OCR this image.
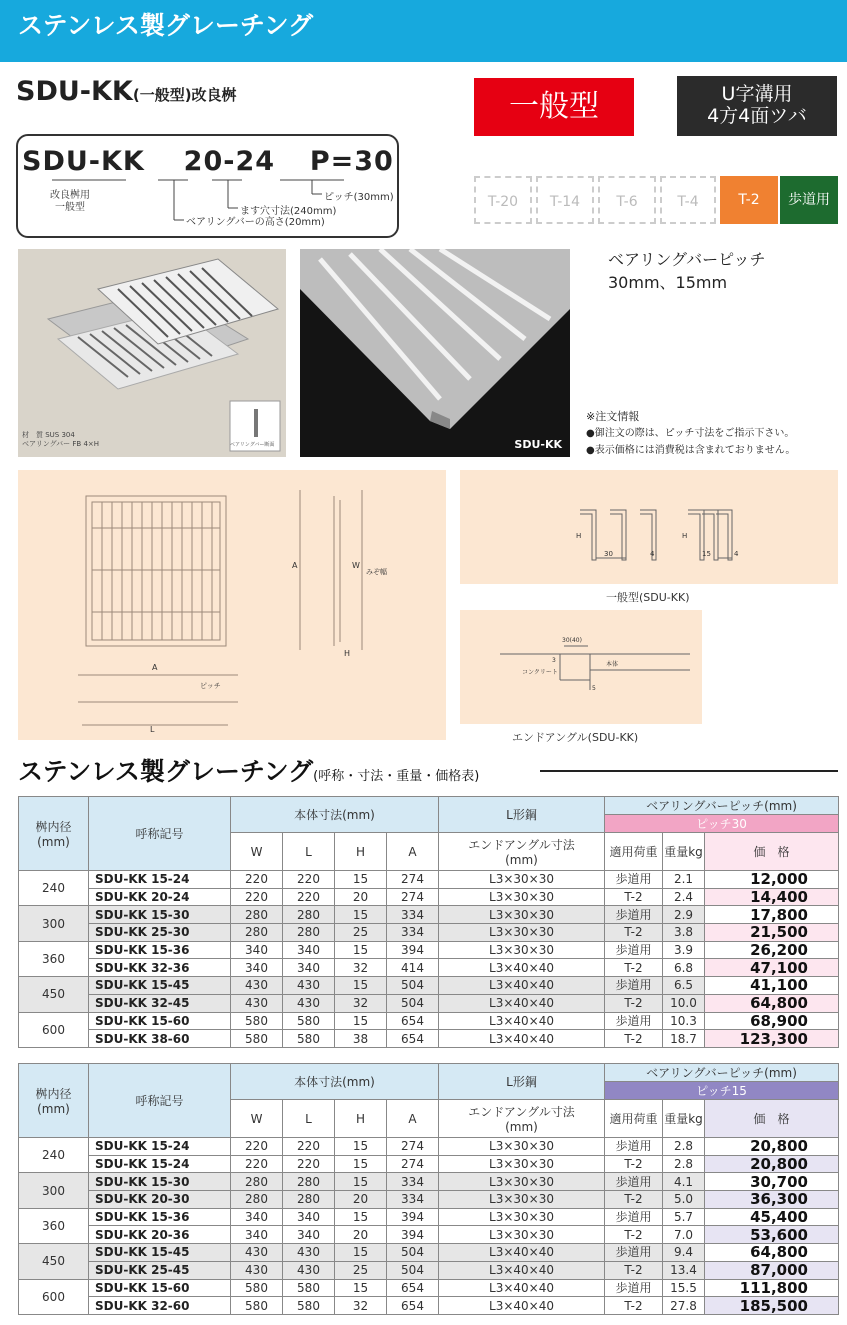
ステンレス製グレーチング
SDU-KK(一般型)改良桝	一般型	U字溝用
4方4面ツバ
SDU-KK 20-24 P=30
改良桝用
一般型
ピッチ(30mm)
ます穴寸法(240mm)
ベアリングバーの高さ(20mm)
T-20	T-14	T-6	T-4	T-2	歩道用
材　質 SUS 304
ベアリングバー FB 4×H	ベアリングバー断面	SDU-KK
ベアリングバーピッチ
30mm、15mm
※注文情報
●御注文の際は、ピッチ寸法をご指示下さい。
●表示価格には消費税は含まれておりません。
A	W
みぞ幅
H
A
ピッチ
L
30	4	15	4
H	H
一般型(SDU-KK)
30(40)
3
5
本体
コンクリート
エンドアングル(SDU-KK)
ステンレス製グレーチング(呼称・寸法・重量・価格表)
桝内径
(mm)	呼称記号	本体寸法(mm)				L形鋼	ベアリングバーピッチ(mm)		
							ピッチ30		
		W	L	H	A	エンドアングル寸法
(mm)	適用荷重	重量kg	価　格
240	SDU-KK 15-24	220	220	15	274	L3×30×30	歩道用	2.1	12,000
	SDU-KK 20-24	220	220	20	274	L3×30×30	T-2	2.4	14,400
300	SDU-KK 15-30	280	280	15	334	L3×30×30	歩道用	2.9	17,800
	SDU-KK 25-30	280	280	25	334	L3×30×30	T-2	3.8	21,500
360	SDU-KK 15-36	340	340	15	394	L3×30×30	歩道用	3.9	26,200
	SDU-KK 32-36	340	340	32	414	L3×40×40	T-2	6.8	47,100
450	SDU-KK 15-45	430	430	15	504	L3×40×40	歩道用	6.5	41,100
	SDU-KK 32-45	430	430	32	504	L3×40×40	T-2	10.0	64,800
600	SDU-KK 15-60	580	580	15	654	L3×40×40	歩道用	10.3	68,900
	SDU-KK 38-60	580	580	38	654	L3×40×40	T-2	18.7	123,300
桝内径
(mm)	呼称記号	本体寸法(mm)				L形鋼	ベアリングバーピッチ(mm)		
							ピッチ15		
		W	L	H	A	エンドアングル寸法
(mm)	適用荷重	重量kg	価　格
240	SDU-KK 15-24	220	220	15	274	L3×30×30	歩道用	2.8	20,800
	SDU-KK 15-24	220	220	15	274	L3×30×30	T-2	2.8	20,800
300	SDU-KK 15-30	280	280	15	334	L3×30×30	歩道用	4.1	30,700
	SDU-KK 20-30	280	280	20	334	L3×30×30	T-2	5.0	36,300
360	SDU-KK 15-36	340	340	15	394	L3×30×30	歩道用	5.7	45,400
	SDU-KK 20-36	340	340	20	394	L3×30×30	T-2	7.0	53,600
450	SDU-KK 15-45	430	430	15	504	L3×40×40	歩道用	9.4	64,800
	SDU-KK 25-45	430	430	25	504	L3×40×40	T-2	13.4	87,000
600	SDU-KK 15-60	580	580	15	654	L3×40×40	歩道用	15.5	111,800
	SDU-KK 32-60	580	580	32	654	L3×40×40	T-2	27.8	185,500
